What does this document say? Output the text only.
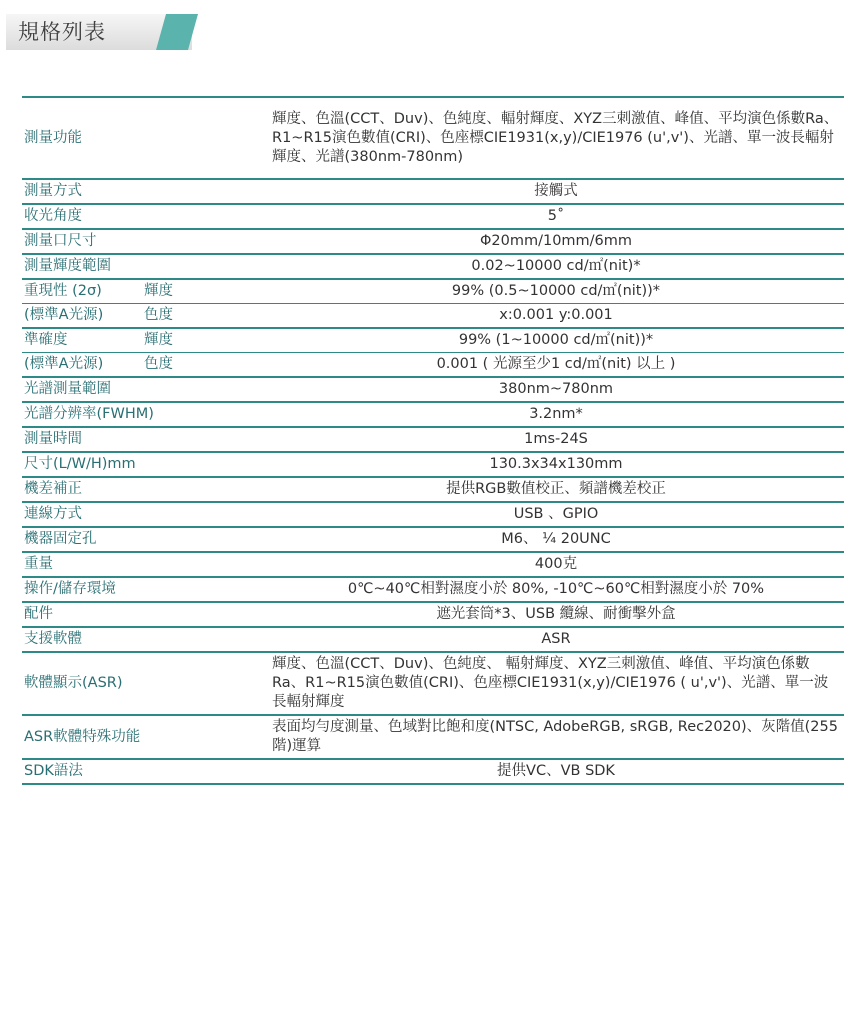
規格列表
測量功能	輝度、色溫(CCT、Duv)、色純度、輻射輝度、XYZ三刺激值、峰值、平均演色係數Ra、R1~R15演色數值(CRI)、色座標CIE1931(x,y)/CIE1976 (u',v')、光譜、單一波長輻射輝度、光譜(380nm-780nm)
測量方式	接觸式
收光角度	5˚
測量口尺寸	Φ20mm/10mm/6mm
測量輝度範圍	0.02~10000 cd/㎡(nit)*
重現性 (2σ) 輝度	99% (0.5~10000 cd/㎡(nit))*
(標準A光源) 色度	x:0.001 y:0.001
準確度 輝度	99% (1~10000 cd/㎡(nit))*
(標準A光源) 色度	0.001 ( 光源至少1 cd/㎡(nit) 以上 )
光譜測量範圍	380nm~780nm
光譜分辨率(FWHM)	3.2nm*
測量時間	1ms-24S
尺寸(L/W/H)mm	130.3x34x130mm
機差補正	提供RGB數值校正、頻譜機差校正
連線方式	USB 、GPIO
機器固定孔	M6、 ¼ 20UNC
重量	400克
操作/儲存環境	0℃~40℃相對濕度小於 80%, -10℃~60℃相對濕度小於 70%
配件	遮光套筒*3、USB 纜線、耐衝擊外盒
支援軟體	ASR
軟體顯示(ASR)	輝度、色溫(CCT、Duv)、色純度、 輻射輝度、XYZ三刺激值、峰值、平均演色係數Ra、R1~R15演色數值(CRI)、色座標CIE1931(x,y)/CIE1976 ( u',v')、光譜、單一波長輻射輝度
ASR軟體特殊功能	表面均勻度測量、色域對比飽和度(NTSC, AdobeRGB, sRGB, Rec2020)、灰階值(255階)運算
SDK語法	提供VC、VB SDK
